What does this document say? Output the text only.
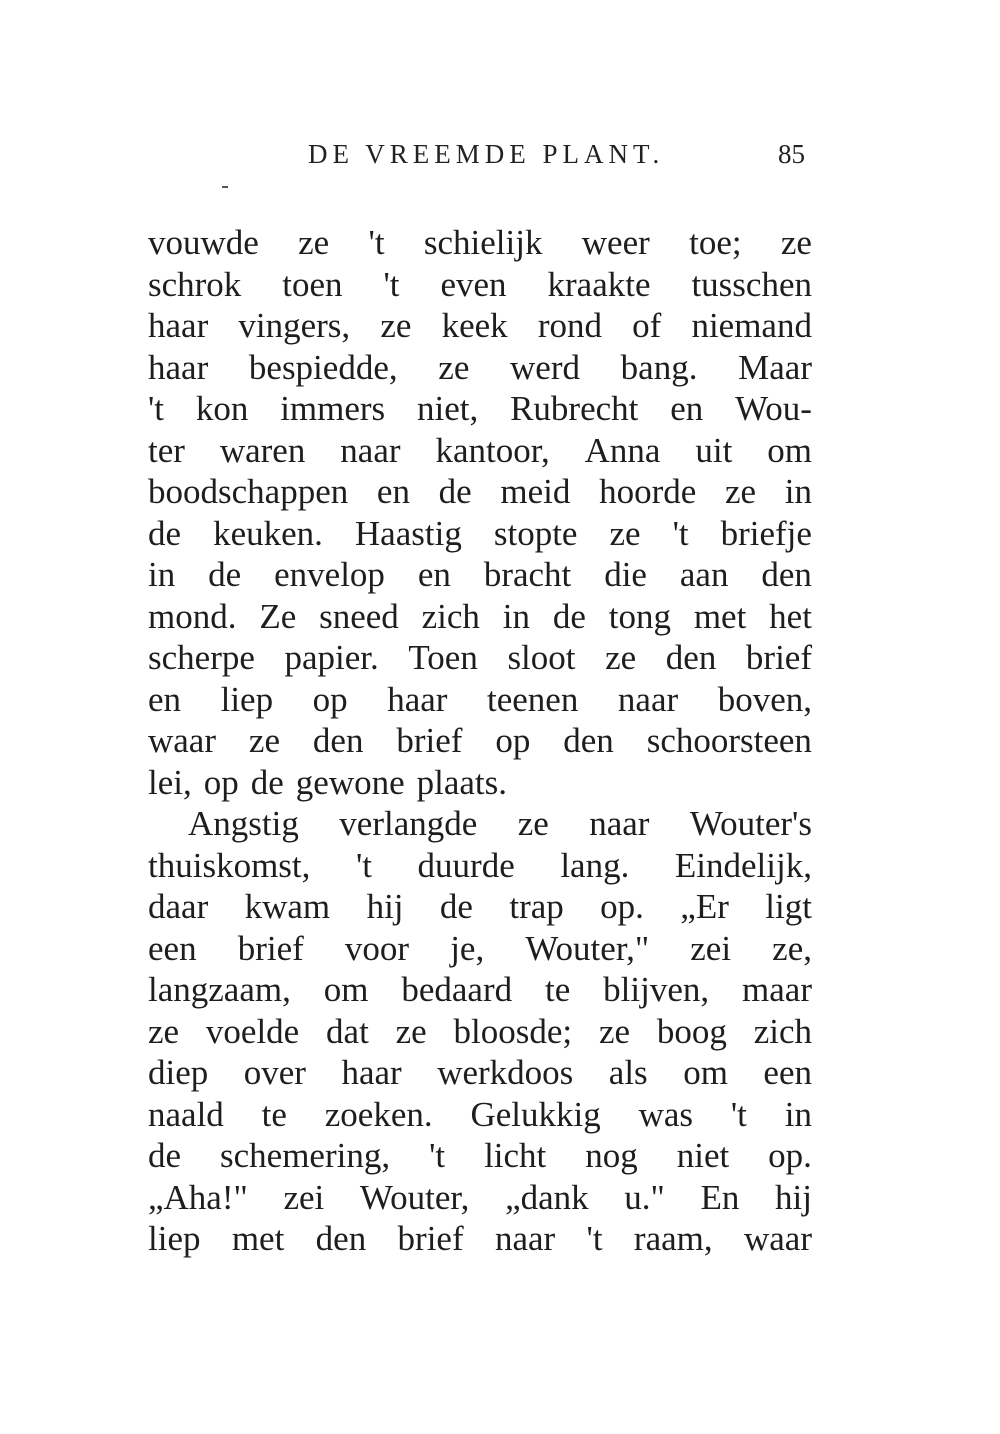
DE VREEMDE PLANT.	85
vouwde ze 't schielijk weer toe; ze
schrok toen 't even kraakte tusschen
haar vingers, ze keek rond of niemand
haar bespiedde, ze werd bang. Maar
't kon immers niet, Rubrecht en Wou-
ter waren naar kantoor, Anna uit om
boodschappen en de meid hoorde ze in
de keuken. Haastig stopte ze 't briefje
in de envelop en bracht die aan den
mond. Ze sneed zich in de tong met het
scherpe papier. Toen sloot ze den brief
en liep op haar teenen naar boven,
waar ze den brief op den schoorsteen
lei, op de gewone plaats.
Angstig verlangde ze naar Wouter's
thuiskomst, 't duurde lang. Eindelijk,
daar kwam hij de trap op. „Er ligt
een brief voor je, Wouter," zei ze,
langzaam, om bedaard te blijven, maar
ze voelde dat ze bloosde; ze boog zich
diep over haar werkdoos als om een
naald te zoeken. Gelukkig was 't in
de schemering, 't licht nog niet op.
„Aha!" zei Wouter, „dank u." En hij
liep met den brief naar 't raam, waar
